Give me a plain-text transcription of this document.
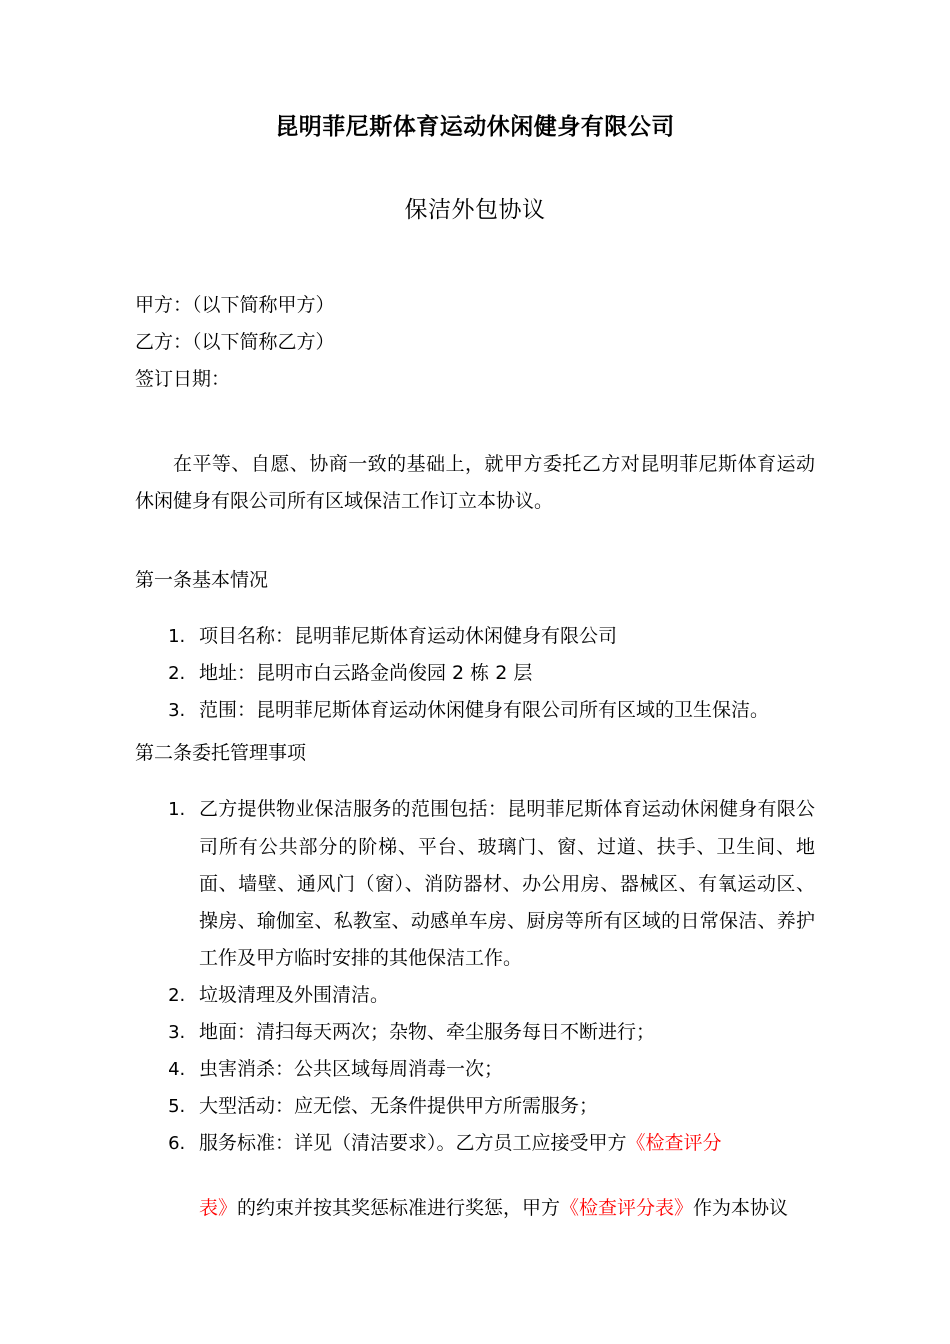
昆明菲尼斯体育运动休闲健身有限公司
保洁外包协议

甲方：（以下简称甲方）

乙方：（以下简称乙方）

签订日期：

在平等、自愿、协商一致的基础上，就甲方委托乙方对昆明菲尼斯体育运动休闲健身有限公司所有区域保洁工作订立本协议。

第一条基本情况

1. 项目名称：昆明菲尼斯体育运动休闲健身有限公司
2. 地址：昆明市白云路金尚俊园 2 栋 2 层
3. 范围：昆明菲尼斯体育运动休闲健身有限公司所有区域的卫生保洁。

第二条委托管理事项

1. 乙方提供物业保洁服务的范围包括：昆明菲尼斯体育运动休闲健身有限公司所有公共部分的阶梯、平台、玻璃门、窗、过道、扶手、卫生间、地面、墙壁、通风门（窗）、消防器材、办公用房、器械区、有氧运动区、操房、瑜伽室、私教室、动感单车房、厨房等所有区域的日常保洁、养护工作及甲方临时安排的其他保洁工作。
2. 垃圾清理及外围清洁。
3. 地面：清扫每天两次；杂物、牵尘服务每日不断进行；
4. 虫害消杀：公共区域每周消毒一次；
5. 大型活动：应无偿、无条件提供甲方所需服务；
6. 服务标准：详见（清洁要求）。乙方员工应接受甲方《检查评分
表》的约束并按其奖惩标准进行奖惩，甲方《检查评分表》作为本协议
